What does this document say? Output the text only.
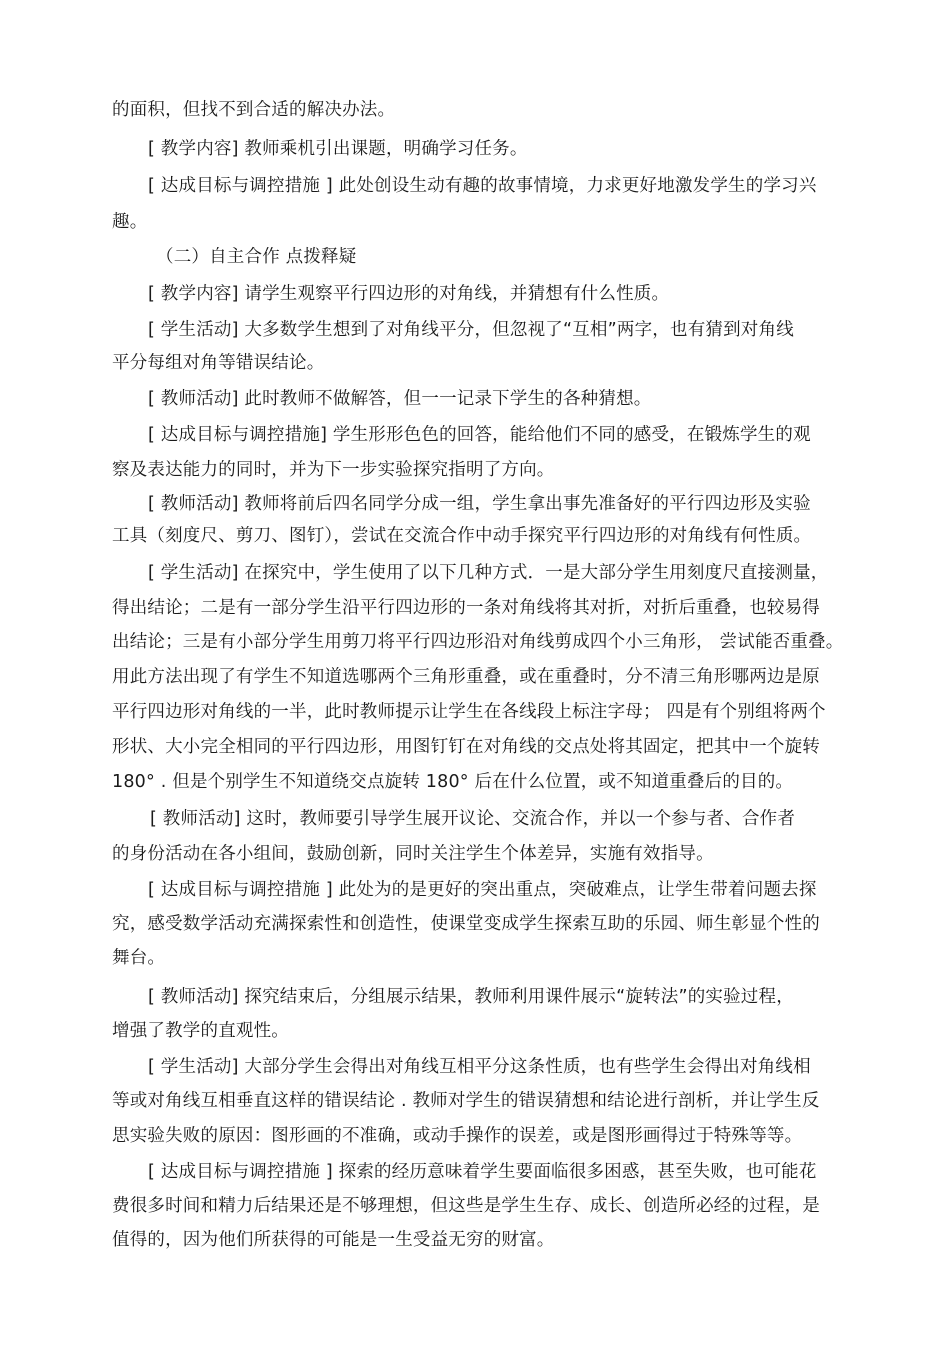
的面积，但找不到合适的解决办法。
[ 教学内容] 教师乘机引出课题，明确学习任务。
[ 达成目标与调控措施 ] 此处创设生动有趣的故事情境，力求更好地激发学生的学习兴
趣。
（二）自主合作 点拨释疑
[ 教学内容] 请学生观察平行四边形的对角线，并猜想有什么性质。
[ 学生活动] 大多数学生想到了对角线平分，但忽视了“互相”两字，也有猜到对角线
平分每组对角等错误结论。
[ 教师活动] 此时教师不做解答，但一一记录下学生的各种猜想。
[ 达成目标与调控措施] 学生形形色色的回答，能给他们不同的感受，在锻炼学生的观
察及表达能力的同时，并为下一步实验探究指明了方向。
[ 教师活动] 教师将前后四名同学分成一组，学生拿出事先准备好的平行四边形及实验
工具（刻度尺、剪刀、图钉），尝试在交流合作中动手探究平行四边形的对角线有何性质。
[ 学生活动] 在探究中，学生使用了以下几种方式．一是大部分学生用刻度尺直接测量，
得出结论；二是有一部分学生沿平行四边形的一条对角线将其对折，对折后重叠，也较易得
出结论；三是有小部分学生用剪刀将平行四边形沿对角线剪成四个小三角形， 尝试能否重叠。
用此方法出现了有学生不知道选哪两个三角形重叠，或在重叠时，分不清三角形哪两边是原
平行四边形对角线的一半，此时教师提示让学生在各线段上标注字母； 四是有个别组将两个
形状、大小完全相同的平行四边形，用图钉钉在对角线的交点处将其固定，把其中一个旋转
180° . 但是个别学生不知道绕交点旋转 180° 后在什么位置，或不知道重叠后的目的。
[ 教师活动] 这时，教师要引导学生展开议论、交流合作，并以一个参与者、合作者
的身份活动在各小组间，鼓励创新，同时关注学生个体差异，实施有效指导。
[ 达成目标与调控措施 ] 此处为的是更好的突出重点，突破难点，让学生带着问题去探
究，感受数学活动充满探索性和创造性，使课堂变成学生探索互助的乐园、师生彰显个性的
舞台。
[ 教师活动] 探究结束后，分组展示结果，教师利用课件展示“旋转法”的实验过程，
增强了教学的直观性。
[ 学生活动] 大部分学生会得出对角线互相平分这条性质，也有些学生会得出对角线相
等或对角线互相垂直这样的错误结论 . 教师对学生的错误猜想和结论进行剖析，并让学生反
思实验失败的原因：图形画的不准确，或动手操作的误差，或是图形画得过于特殊等等。
[ 达成目标与调控措施 ] 探索的经历意味着学生要面临很多困惑，甚至失败，也可能花
费很多时间和精力后结果还是不够理想，但这些是学生生存、成长、创造所必经的过程，是
值得的，因为他们所获得的可能是一生受益无穷的财富。
